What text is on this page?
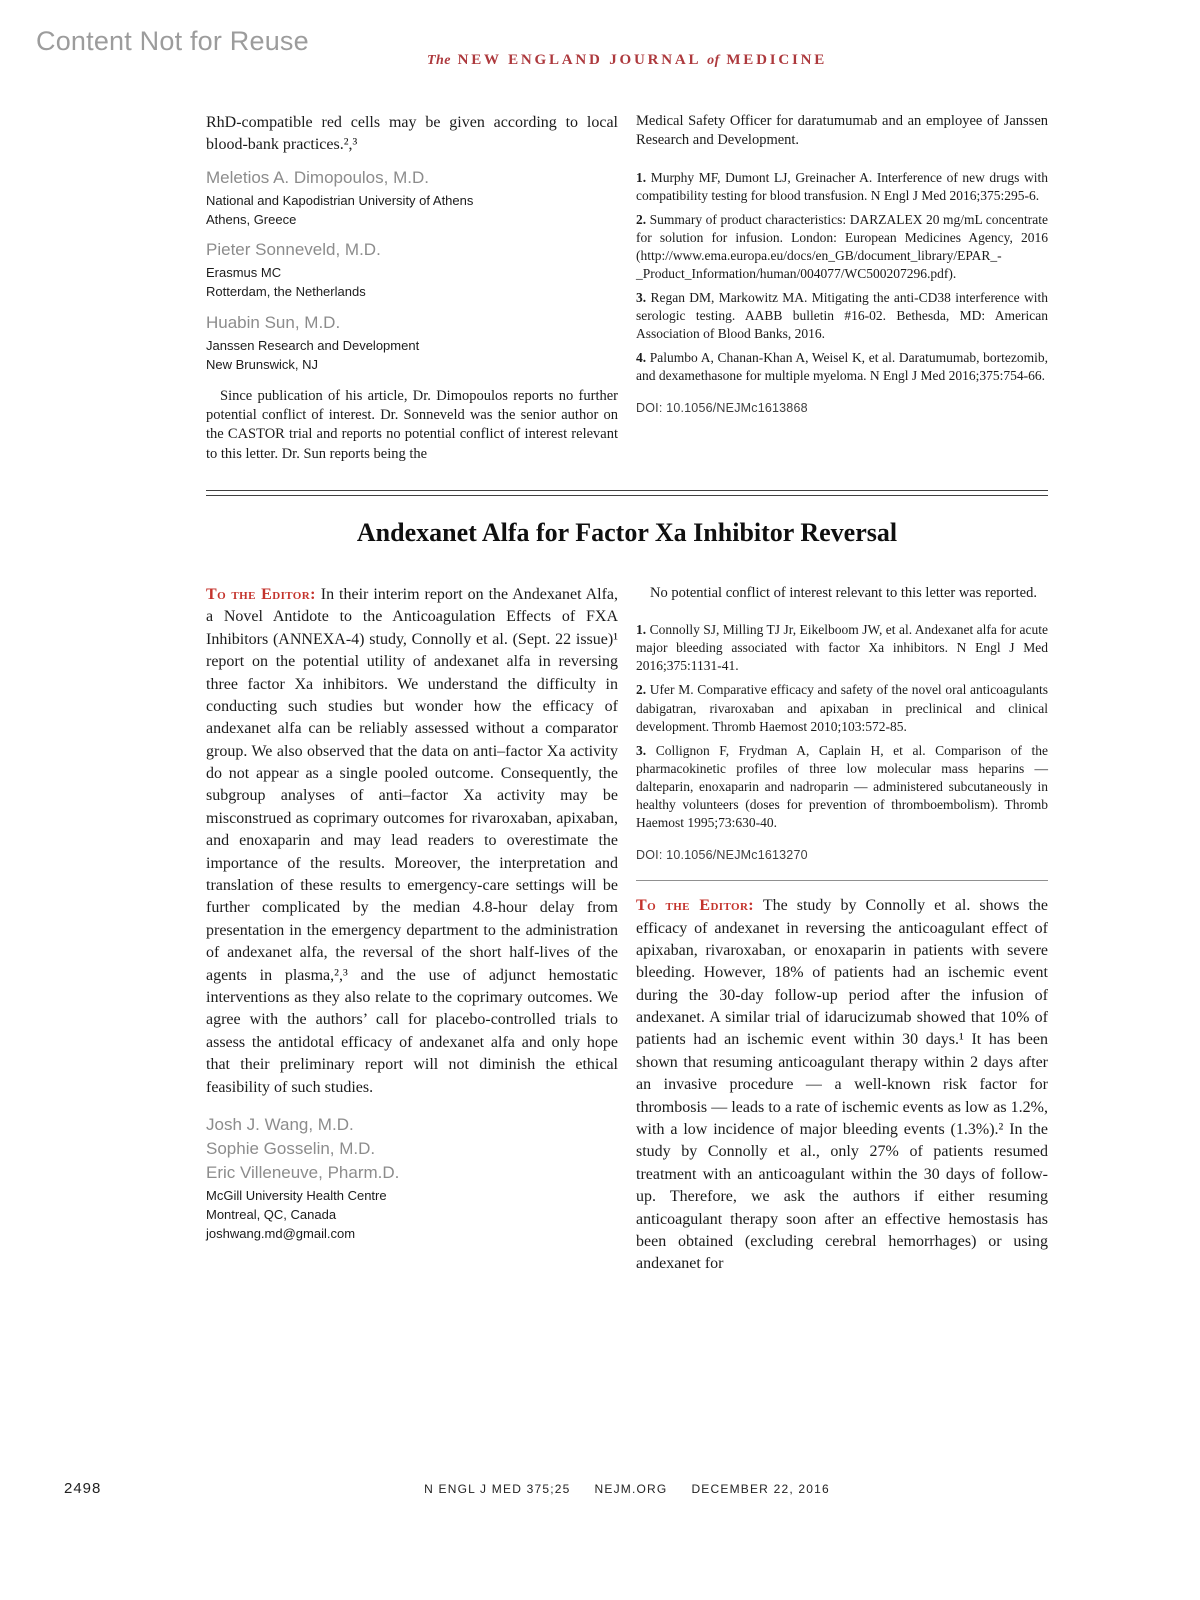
Content Not for Reuse
The NEW ENGLAND JOURNAL of MEDICINE

RhD-compatible red cells may be given according to local blood-bank practices.²,³

Meletios A. Dimopoulos, M.D.

National and Kapodistrian University of Athens

Athens, Greece

Pieter Sonneveld, M.D.

Erasmus MC

Rotterdam, the Netherlands

Huabin Sun, M.D.

Janssen Research and Development

New Brunswick, NJ

Since publication of his article, Dr. Dimopoulos reports no further potential conflict of interest. Dr. Sonneveld was the senior author on the CASTOR trial and reports no potential conflict of interest relevant to this letter. Dr. Sun reports being the

Medical Safety Officer for daratumumab and an employee of Janssen Research and Development.

1. Murphy MF, Dumont LJ, Greinacher A. Interference of new drugs with compatibility testing for blood transfusion. N Engl J Med 2016;375:295-6.

2. Summary of product characteristics: DARZALEX 20 mg/mL concentrate for solution for infusion. London: European Medicines Agency, 2016 (http://www.ema.europa.eu/docs/en_GB/document_library/EPAR_-_Product_Information/human/004077/WC500207296.pdf).

3. Regan DM, Markowitz MA. Mitigating the anti-CD38 interference with serologic testing. AABB bulletin #16-02. Bethesda, MD: American Association of Blood Banks, 2016.

4. Palumbo A, Chanan-Khan A, Weisel K, et al. Daratumumab, bortezomib, and dexamethasone for multiple myeloma. N Engl J Med 2016;375:754-66.

DOI: 10.1056/NEJMc1613868

Andexanet Alfa for Factor Xa Inhibitor Reversal

To the Editor: In their interim report on the Andexanet Alfa, a Novel Antidote to the Anticoagulation Effects of FXA Inhibitors (ANNEXA-4) study, Connolly et al. (Sept. 22 issue)¹ report on the potential utility of andexanet alfa in reversing three factor Xa inhibitors. We understand the difficulty in conducting such studies but wonder how the efficacy of andexanet alfa can be reliably assessed without a comparator group. We also observed that the data on anti–factor Xa activity do not appear as a single pooled outcome. Consequently, the subgroup analyses of anti–factor Xa activity may be misconstrued as coprimary outcomes for rivaroxaban, apixaban, and enoxaparin and may lead readers to overestimate the importance of the results. Moreover, the interpretation and translation of these results to emergency-care settings will be further complicated by the median 4.8-hour delay from presentation in the emergency department to the administration of andexanet alfa, the reversal of the short half-lives of the agents in plasma,²,³ and the use of adjunct hemostatic interventions as they also relate to the coprimary outcomes. We agree with the authors’ call for placebo-controlled trials to assess the antidotal efficacy of andexanet alfa and only hope that their preliminary report will not diminish the ethical feasibility of such studies.

Josh J. Wang, M.D.

Sophie Gosselin, M.D.

Eric Villeneuve, Pharm.D.

McGill University Health Centre

Montreal, QC, Canada

joshwang.md@gmail.com

No potential conflict of interest relevant to this letter was reported.

1. Connolly SJ, Milling TJ Jr, Eikelboom JW, et al. Andexanet alfa for acute major bleeding associated with factor Xa inhibitors. N Engl J Med 2016;375:1131-41.

2. Ufer M. Comparative efficacy and safety of the novel oral anticoagulants dabigatran, rivaroxaban and apixaban in preclinical and clinical development. Thromb Haemost 2010;103:572-85.

3. Collignon F, Frydman A, Caplain H, et al. Comparison of the pharmacokinetic profiles of three low molecular mass heparins — dalteparin, enoxaparin and nadroparin — administered subcutaneously in healthy volunteers (doses for prevention of thromboembolism). Thromb Haemost 1995;73:630-40.

DOI: 10.1056/NEJMc1613270

To the Editor: The study by Connolly et al. shows the efficacy of andexanet in reversing the anticoagulant effect of apixaban, rivaroxaban, or enoxaparin in patients with severe bleeding. However, 18% of patients had an ischemic event during the 30-day follow-up period after the infusion of andexanet. A similar trial of idarucizumab showed that 10% of patients had an ischemic event within 30 days.¹ It has been shown that resuming anticoagulant therapy within 2 days after an invasive procedure — a well-known risk factor for thrombosis — leads to a rate of ischemic events as low as 1.2%, with a low incidence of major bleeding events (1.3%).² In the study by Connolly et al., only 27% of patients resumed treatment with an anticoagulant within the 30 days of follow-up. Therefore, we ask the authors if either resuming anticoagulant therapy soon after an effective hemostasis has been obtained (excluding cerebral hemorrhages) or using andexanet for

2498	N ENGL J MED 375;25 NEJM.ORG DECEMBER 22, 2016
